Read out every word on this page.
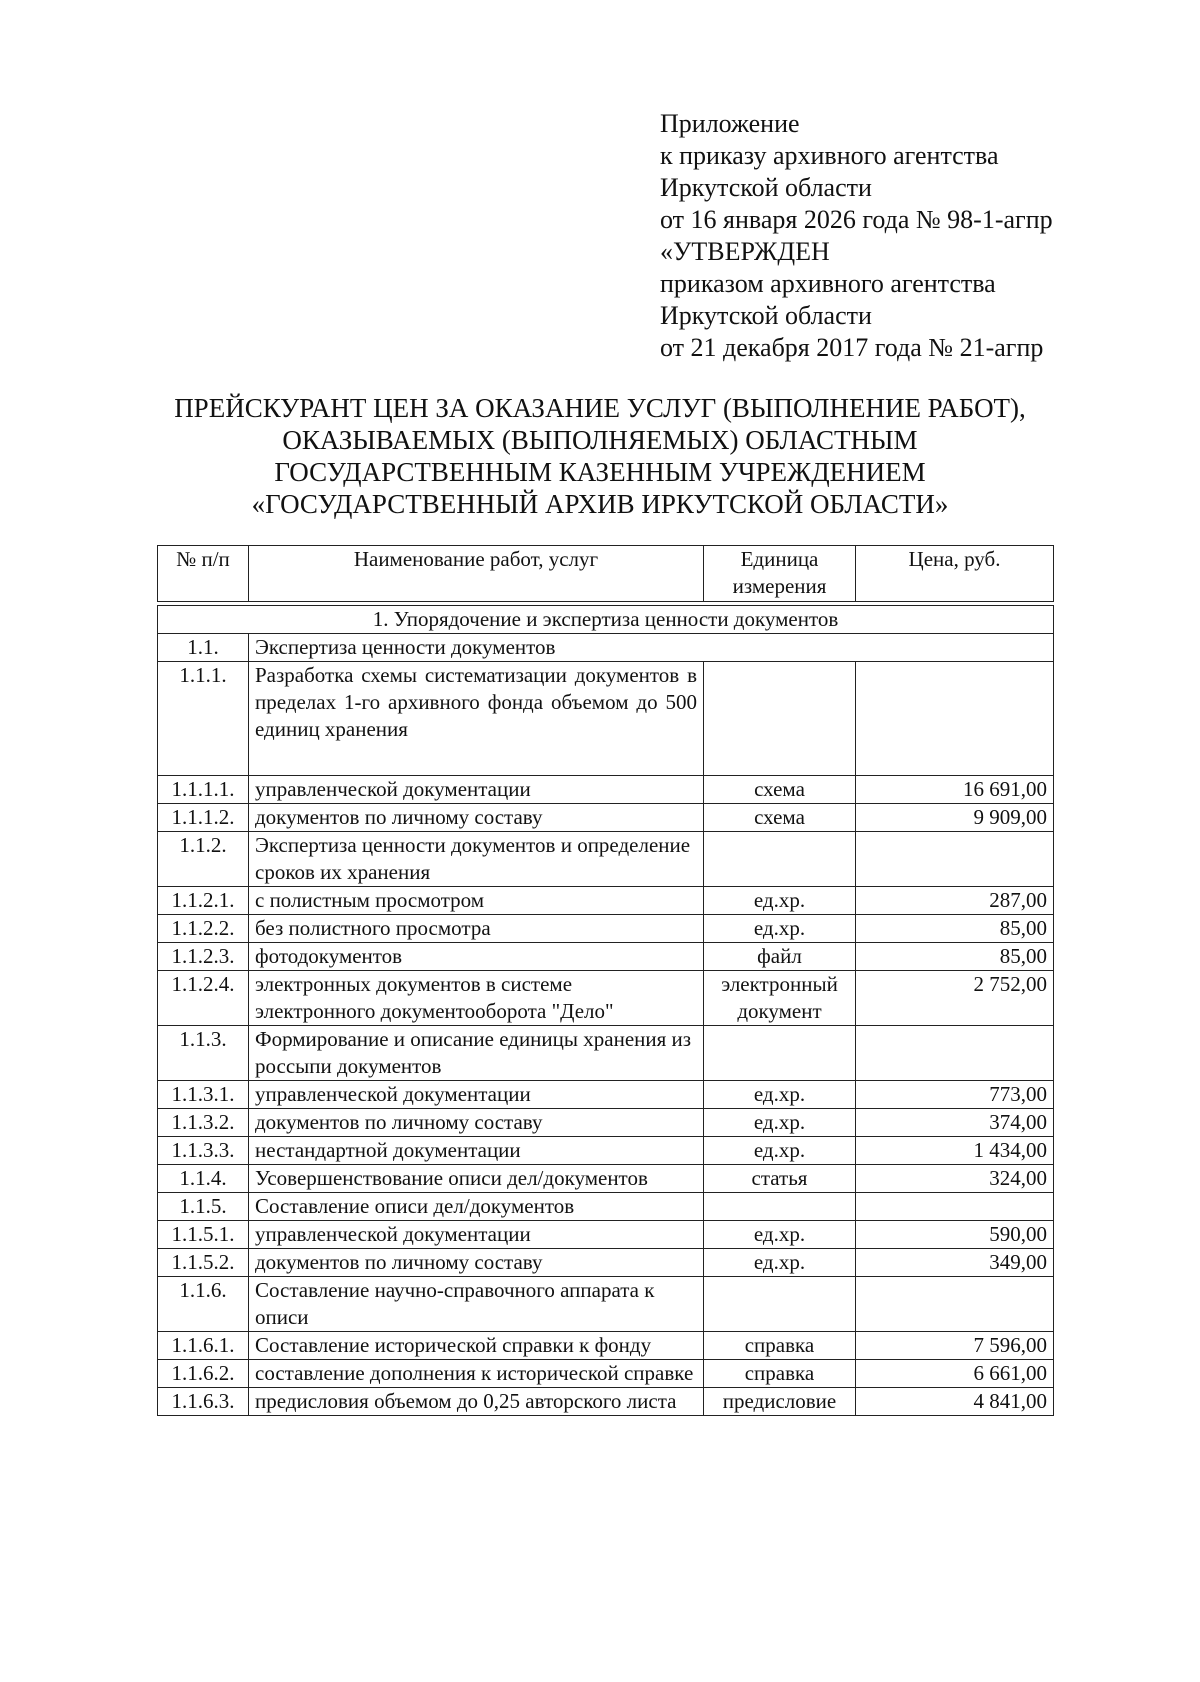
Приложение
к приказу архивного агентства
Иркутской области
от 16 января 2026 года № 98-1-агпр
«УТВЕРЖДЕН
приказом архивного агентства
Иркутской области
от 21 декабря 2017 года № 21-агпр
ПРЕЙСКУРАНТ ЦЕН ЗА ОКАЗАНИЕ УСЛУГ (ВЫПОЛНЕНИЕ РАБОТ),
ОКАЗЫВАЕМЫХ (ВЫПОЛНЯЕМЫХ) ОБЛАСТНЫМ
ГОСУДАРСТВЕННЫМ КАЗЕННЫМ УЧРЕЖДЕНИЕМ
«ГОСУДАРСТВЕННЫЙ АРХИВ ИРКУТСКОЙ ОБЛАСТИ»
№ п/п	Наименование работ, услуг	Единица измерения	Цена, руб.

1. Упорядочение и экспертиза ценности документов			
1.1.	Экспертиза ценности документов		
1.1.1.	Разработка схемы систематизации документов в пределах 1-го архивного фонда объемом до 500 единиц хранения		
1.1.1.1.	управленческой документации	схема	16 691,00
1.1.1.2.	документов по личному составу	схема	9 909,00
1.1.2.	Экспертиза ценности документов и определение сроков их хранения		
1.1.2.1.	с полистным просмотром	ед.хр.	287,00
1.1.2.2.	без полистного просмотра	ед.хр.	85,00
1.1.2.3.	фотодокументов	файл	85,00
1.1.2.4.	электронных документов в системе электронного документооборота "Дело"	электронный документ	2 752,00
1.1.3.	Формирование и описание единицы хранения из россыпи документов		
1.1.3.1.	управленческой документации	ед.хр.	773,00
1.1.3.2.	документов по личному составу	ед.хр.	374,00
1.1.3.3.	нестандартной документации	ед.хр.	1 434,00
1.1.4.	Усовершенствование описи дел/документов	статья	324,00
1.1.5.	Составление описи дел/документов		
1.1.5.1.	управленческой документации	ед.хр.	590,00
1.1.5.2.	документов по личному составу	ед.хр.	349,00
1.1.6.	Составление научно-справочного аппарата к описи		
1.1.6.1.	Составление исторической справки к фонду	справка	7 596,00
1.1.6.2.	составление дополнения к исторической справке	справка	6 661,00
1.1.6.3.	предисловия объемом до 0,25 авторского листа	предисловие	4 841,00
